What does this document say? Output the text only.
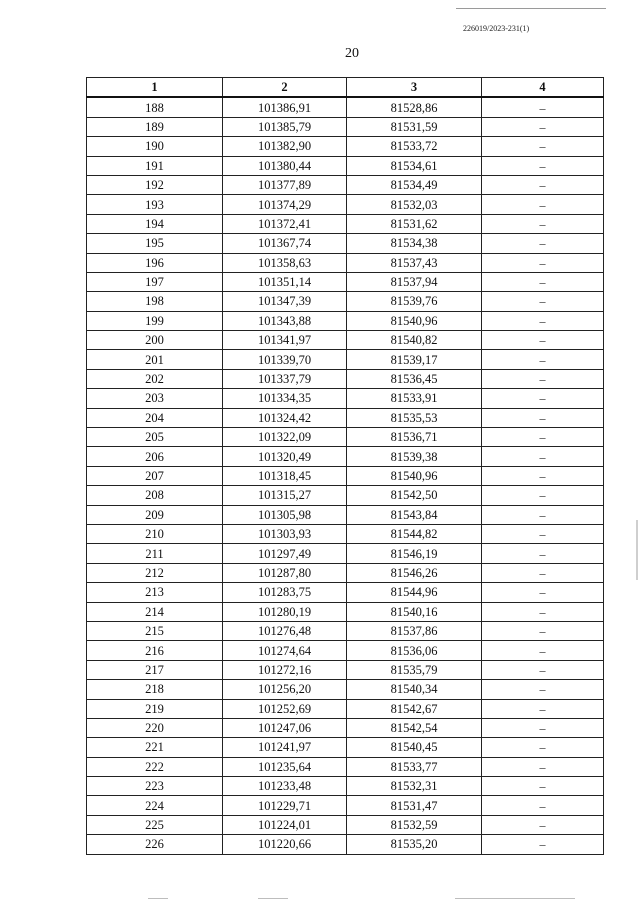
226019/2023-231(1)
20
1	2	3	4
188	101386,91	81528,86	–
189	101385,79	81531,59	–
190	101382,90	81533,72	–
191	101380,44	81534,61	–
192	101377,89	81534,49	–
193	101374,29	81532,03	–
194	101372,41	81531,62	–
195	101367,74	81534,38	–
196	101358,63	81537,43	–
197	101351,14	81537,94	–
198	101347,39	81539,76	–
199	101343,88	81540,96	–
200	101341,97	81540,82	–
201	101339,70	81539,17	–
202	101337,79	81536,45	–
203	101334,35	81533,91	–
204	101324,42	81535,53	–
205	101322,09	81536,71	–
206	101320,49	81539,38	–
207	101318,45	81540,96	–
208	101315,27	81542,50	–
209	101305,98	81543,84	–
210	101303,93	81544,82	–
211	101297,49	81546,19	–
212	101287,80	81546,26	–
213	101283,75	81544,96	–
214	101280,19	81540,16	–
215	101276,48	81537,86	–
216	101274,64	81536,06	–
217	101272,16	81535,79	–
218	101256,20	81540,34	–
219	101252,69	81542,67	–
220	101247,06	81542,54	–
221	101241,97	81540,45	–
222	101235,64	81533,77	–
223	101233,48	81532,31	–
224	101229,71	81531,47	–
225	101224,01	81532,59	–
226	101220,66	81535,20	–
